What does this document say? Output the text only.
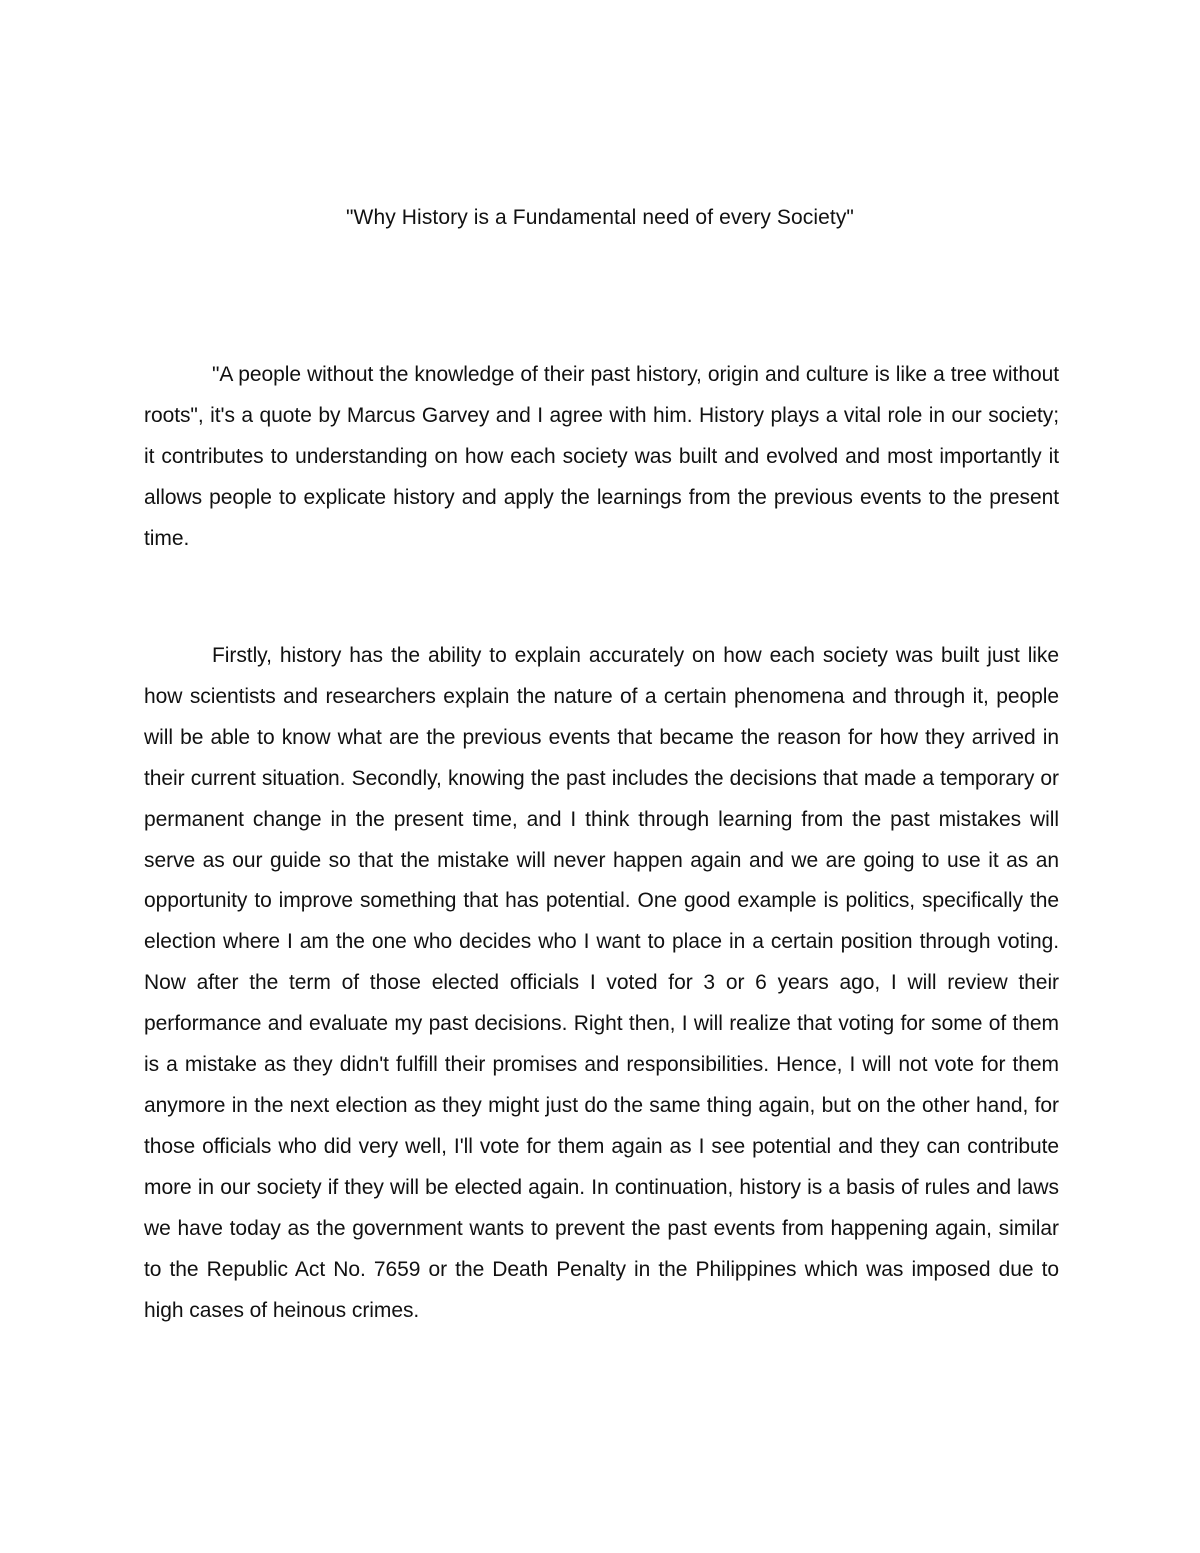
"Why History is a Fundamental need of every Society"

"A people without the knowledge of their past history, origin and culture is like a tree without roots", it's a quote by Marcus Garvey and I agree with him. History plays a vital role in our society; it contributes to understanding on how each society was built and evolved and most importantly it allows people to explicate history and apply the learnings from the previous events to the present time.

Firstly, history has the ability to explain accurately on how each society was built just like how scientists and researchers explain the nature of a certain phenomena and through it, people will be able to know what are the previous events that became the reason for how they arrived in their current situation. Secondly, knowing the past includes the decisions that made a temporary or permanent change in the present time, and I think through learning from the past mistakes will serve as our guide so that the mistake will never happen again and we are going to use it as an opportunity to improve something that has potential. One good example is politics, specifically the election where I am the one who decides who I want to place in a certain position through voting. Now after the term of those elected officials I voted for 3 or 6 years ago, I will review their performance and evaluate my past decisions. Right then, I will realize that voting for some of them is a mistake as they didn't fulfill their promises and responsibilities. Hence, I will not vote for them anymore in the next election as they might just do the same thing again, but on the other hand, for those officials who did very well, I'll vote for them again as I see potential and they can contribute more in our society if they will be elected again. In continuation, history is a basis of rules and laws we have today as the government wants to prevent the past events from happening again, similar to the Republic Act No. 7659 or the Death Penalty in the Philippines which was imposed due to high cases of heinous crimes.
